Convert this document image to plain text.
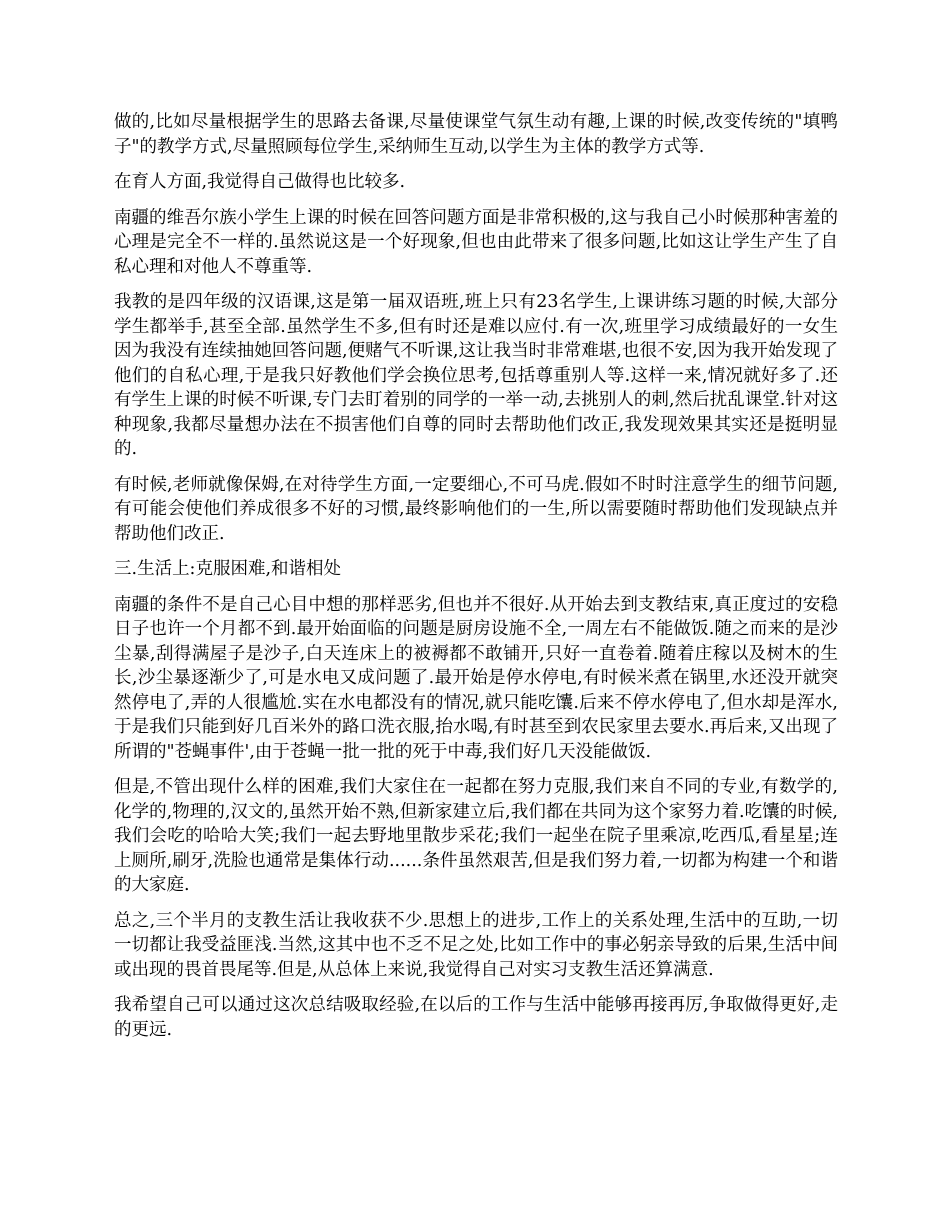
做的,比如尽量根据学生的思路去备课,尽量使课堂气氛生动有趣,上课的时候,改变传统的"填鸭子"的教学方式,尽量照顾每位学生,采纳师生互动,以学生为主体的教学方式等.

在育人方面,我觉得自己做得也比较多.

南疆的维吾尔族小学生上课的时候在回答问题方面是非常积极的,这与我自己小时候那种害羞的心理是完全不一样的.虽然说这是一个好现象,但也由此带来了很多问题,比如这让学生产生了自私心理和对他人不尊重等.

我教的是四年级的汉语课,这是第一届双语班,班上只有23名学生,上课讲练习题的时候,大部分学生都举手,甚至全部.虽然学生不多,但有时还是难以应付.有一次,班里学习成绩最好的一女生因为我没有连续抽她回答问题,便赌气不听课,这让我当时非常难堪,也很不安,因为我开始发现了他们的自私心理,于是我只好教他们学会换位思考,包括尊重别人等.这样一来,情况就好多了.还有学生上课的时候不听课,专门去盯着别的同学的一举一动,去挑别人的刺,然后扰乱课堂.针对这种现象,我都尽量想办法在不损害他们自尊的同时去帮助他们改正,我发现效果其实还是挺明显的.

有时候,老师就像保姆,在对待学生方面,一定要细心,不可马虎.假如不时时注意学生的细节问题,有可能会使他们养成很多不好的习惯,最终影响他们的一生,所以需要随时帮助他们发现缺点并帮助他们改正.

三.生活上:克服困难,和谐相处

南疆的条件不是自己心目中想的那样恶劣,但也并不很好.从开始去到支教结束,真正度过的安稳日子也许一个月都不到.最开始面临的问题是厨房设施不全,一周左右不能做饭.随之而来的是沙尘暴,刮得满屋子是沙子,白天连床上的被褥都不敢铺开,只好一直卷着.随着庄稼以及树木的生长,沙尘暴逐渐少了,可是水电又成问题了.最开始是停水停电,有时候米煮在锅里,水还没开就突然停电了,弄的人很尴尬.实在水电都没有的情况,就只能吃馕.后来不停水停电了,但水却是浑水,于是我们只能到好几百米外的路口洗衣服,抬水喝,有时甚至到农民家里去要水.再后来,又出现了所谓的"苍蝇事件',由于苍蝇一批一批的死于中毒,我们好几天没能做饭.

但是,不管出现什么样的困难,我们大家住在一起都在努力克服,我们来自不同的专业,有数学的,化学的,物理的,汉文的,虽然开始不熟,但新家建立后,我们都在共同为这个家努力着.吃馕的时候,我们会吃的哈哈大笑;我们一起去野地里散步采花;我们一起坐在院子里乘凉,吃西瓜,看星星;连上厕所,刷牙,洗脸也通常是集体行动......条件虽然艰苦,但是我们努力着,一切都为构建一个和谐的大家庭.

总之,三个半月的支教生活让我收获不少.思想上的进步,工作上的关系处理,生活中的互助,一切一切都让我受益匪浅.当然,这其中也不乏不足之处,比如工作中的事必躬亲导致的后果,生活中间或出现的畏首畏尾等.但是,从总体上来说,我觉得自己对实习支教生活还算满意.

我希望自己可以通过这次总结吸取经验,在以后的工作与生活中能够再接再厉,争取做得更好,走的更远.
